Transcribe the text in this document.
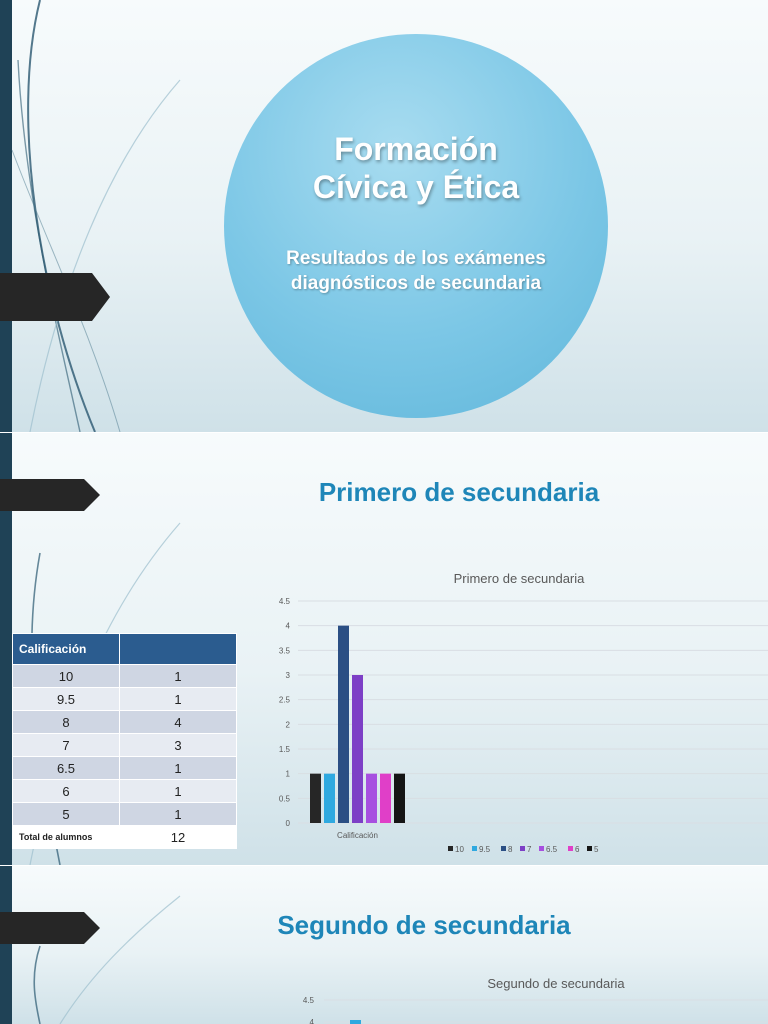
Formación Cívica y Ética
Resultados de los exámenes diagnósticos de secundaria
Primero de secundaria
Calificación	
10	1
9.5	1
8	4
7	3
6.5	1
6	1
5	1
Total de alumnos	12
Primero de secundaria
0
0.5
1
1.5
2
2.5
3
3.5
4
4.5
Calificación
10 9.5 8 7 6.5 6 5
Segundo de secundaria
Segundo de secundaria
4.5
4
